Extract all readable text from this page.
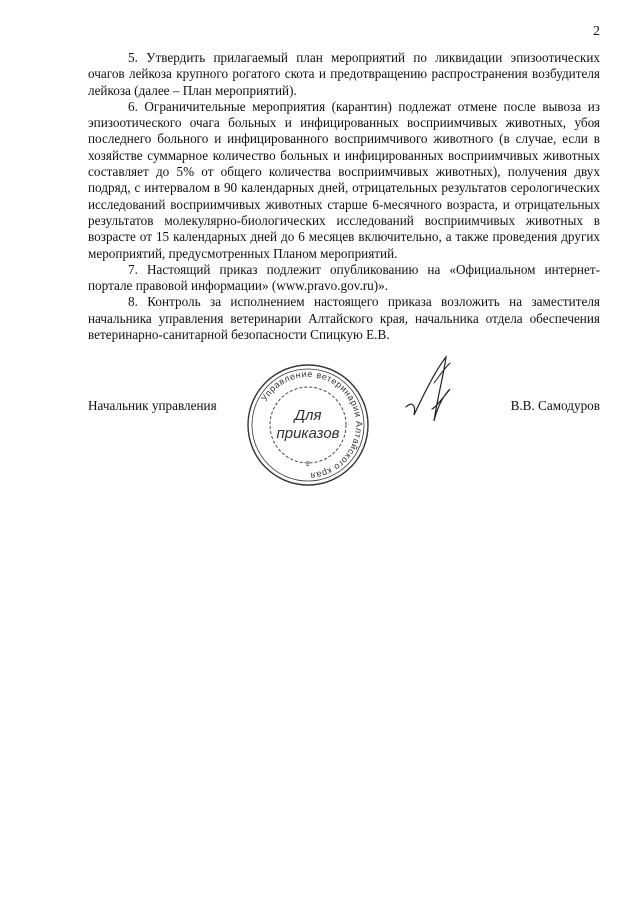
2

5. Утвердить прилагаемый план мероприятий по ликвидации эпизоотических очагов лейкоза крупного рогатого скота и предотвращению распространения возбудителя лейкоза (далее – План мероприятий).

6. Ограничительные мероприятия (карантин) подлежат отмене после вывоза из эпизоотического очага больных и инфицированных восприимчивых животных, убоя последнего больного и инфицированного восприимчивого животного (в случае, если в хозяйстве суммарное количество больных и инфицированных восприимчивых животных составляет до 5% от общего количества восприимчивых животных), получения двух подряд, с интервалом в 90 календарных дней, отрицательных результатов серологических исследований восприимчивых животных старше 6-месячного возраста, и отрицательных результатов молекулярно-биологических исследований восприимчивых животных в возрасте от 15 календарных дней до 6 месяцев включительно, а также проведения других мероприятий, предусмотренных Планом мероприятий.

7. Настоящий приказ подлежит опубликованию на «Официальном интернет-портале правовой информации» (www.pravo.gov.ru)».

8. Контроль за исполнением настоящего приказа возложить на заместителя начальника управления ветеринарии Алтайского края, начальника отдела обеспечения ветеринарно-санитарной безопасности Спицкую Е.В.

Начальник управления
Управление ветеринарии Алтайского края
Для
приказов
2
В.В. Самодуров
